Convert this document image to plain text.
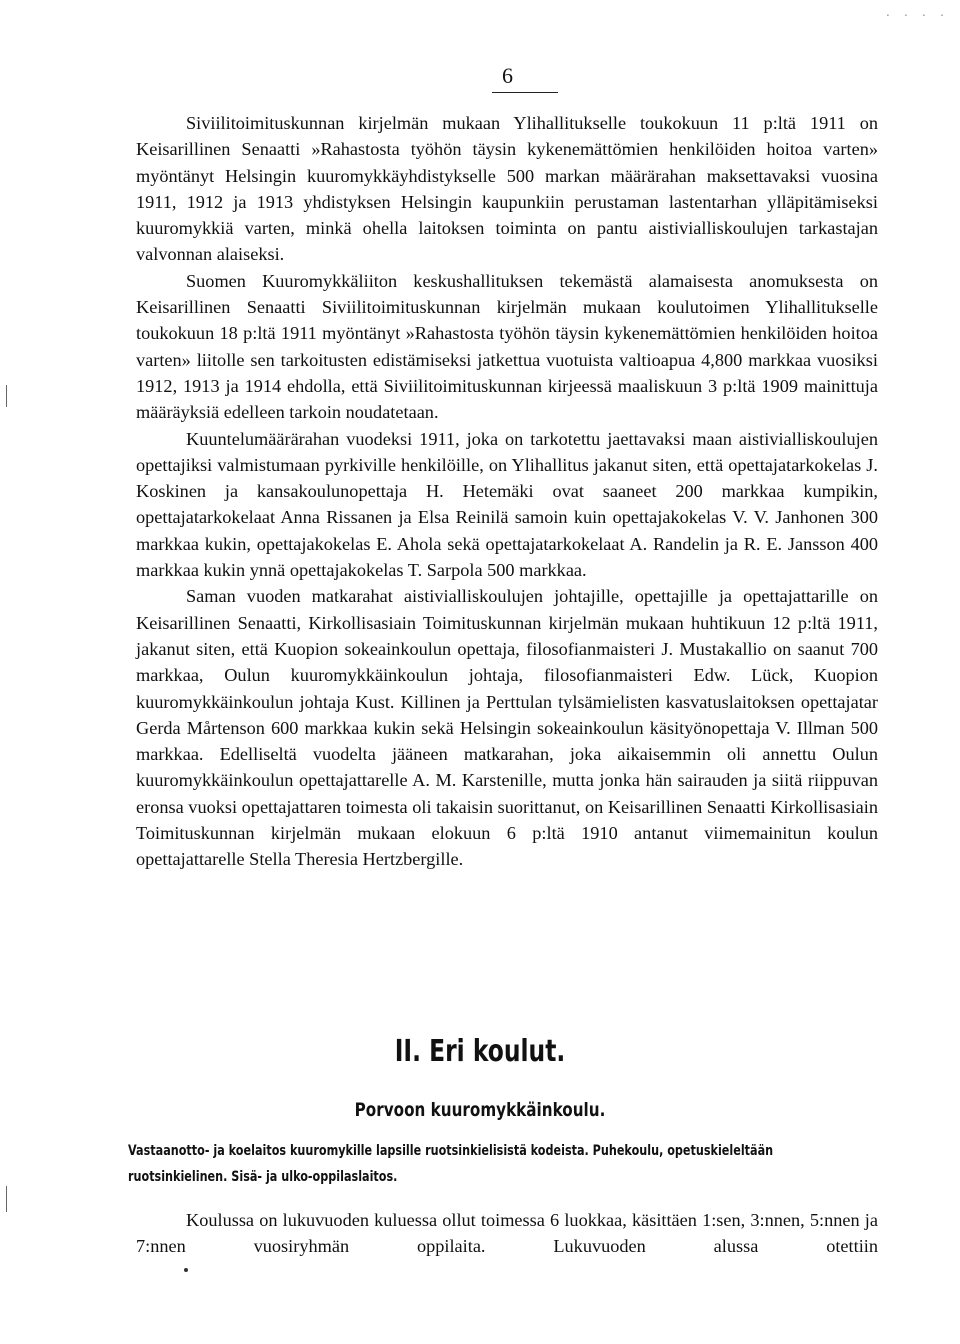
. . . .
6

Siviilitoimituskunnan kirjelmän mukaan Ylihallitukselle toukokuun 11 p:ltä 1911 on Keisarillinen Senaatti »Rahastosta työhön täysin kykenemättömien henkilöiden hoitoa varten» myöntänyt Helsingin kuuromykkäyhdistykselle 500 markan määrärahan maksettavaksi vuosina 1911, 1912 ja 1913 yhdistyksen Helsingin kaupunkiin perustaman lastentarhan ylläpitämiseksi kuuromykkiä varten, minkä ohella laitoksen toiminta on pantu aistivialliskoulujen tarkastajan valvonnan alaiseksi.

Suomen Kuuromykkäliiton keskushallituksen tekemästä alamaisesta anomuksesta on Keisarillinen Senaatti Siviilitoimituskunnan kirjelmän mukaan koulutoimen Ylihallitukselle toukokuun 18 p:ltä 1911 myöntänyt »Rahastosta työhön täysin kykenemättömien henkilöiden hoitoa varten» liitolle sen tarkoitusten edistämiseksi jatkettua vuotuista valtioapua 4,800 markkaa vuosiksi 1912, 1913 ja 1914 ehdolla, että Siviilitoimituskunnan kirjeessä maaliskuun 3 p:ltä 1909 mainittuja määräyksiä edelleen tarkoin noudatetaan.

Kuuntelumäärärahan vuodeksi 1911, joka on tarkotettu jaettavaksi maan aistivialliskoulujen opettajiksi valmistumaan pyrkiville henkilöille, on Ylihallitus jakanut siten, että opettajatarkokelas J. Koskinen ja kansakoulunopettaja H. Hetemäki ovat saaneet 200 markkaa kumpikin, opettajatarkokelaat Anna Rissanen ja Elsa Reinilä samoin kuin opettajakokelas V. V. Janhonen 300 markkaa kukin, opettajakokelas E. Ahola sekä opettajatarkokelaat A. Randelin ja R. E. Jansson 400 markkaa kukin ynnä opettajakokelas T. Sarpola 500 markkaa.

Saman vuoden matkarahat aistivialliskoulujen johtajille, opettajille ja opettajattarille on Keisarillinen Senaatti, Kirkollisasiain Toimituskunnan kirjelmän mukaan huhtikuun 12 p:ltä 1911, jakanut siten, että Kuopion sokeainkoulun opettaja, filosofianmaisteri J. Mustakallio on saanut 700 markkaa, Oulun kuuromykkäinkoulun johtaja, filosofianmaisteri Edw. Lück, Kuopion kuuromykkäinkoulun johtaja Kust. Killinen ja Perttulan tylsämielisten kasvatuslaitoksen opettajatar Gerda Mårtenson 600 markkaa kukin sekä Helsingin sokeainkoulun käsityönopettaja V. Illman 500 markkaa. Edelliseltä vuodelta jääneen matkarahan, joka aikaisemmin oli annettu Oulun kuuromykkäinkoulun opettajattarelle A. M. Karstenille, mutta jonka hän sairauden ja siitä riippuvan eronsa vuoksi opettajattaren toimesta oli takaisin suorittanut, on Keisarillinen Senaatti Kirkollisasiain Toimituskunnan kirjelmän mukaan elokuun 6 p:ltä 1910 antanut viimemainitun koulun opettajattarelle Stella Theresia Hertzbergille.

II. Eri koulut.
Porvoon kuuromykkäinkoulu.
Vastaanotto- ja koelaitos kuuromykille lapsille ruotsinkielisistä kodeista. Puhekoulu, opetuskieleltään ruotsinkielinen. Sisä- ja ulko-oppilaslaitos.

Koulussa on lukuvuoden kuluessa ollut toimessa 6 luokkaa, käsittäen 1:sen, 3:nnen, 5:nnen ja 7:nnen vuosiryhmän oppilaita. Lukuvuoden alussa otettiin
